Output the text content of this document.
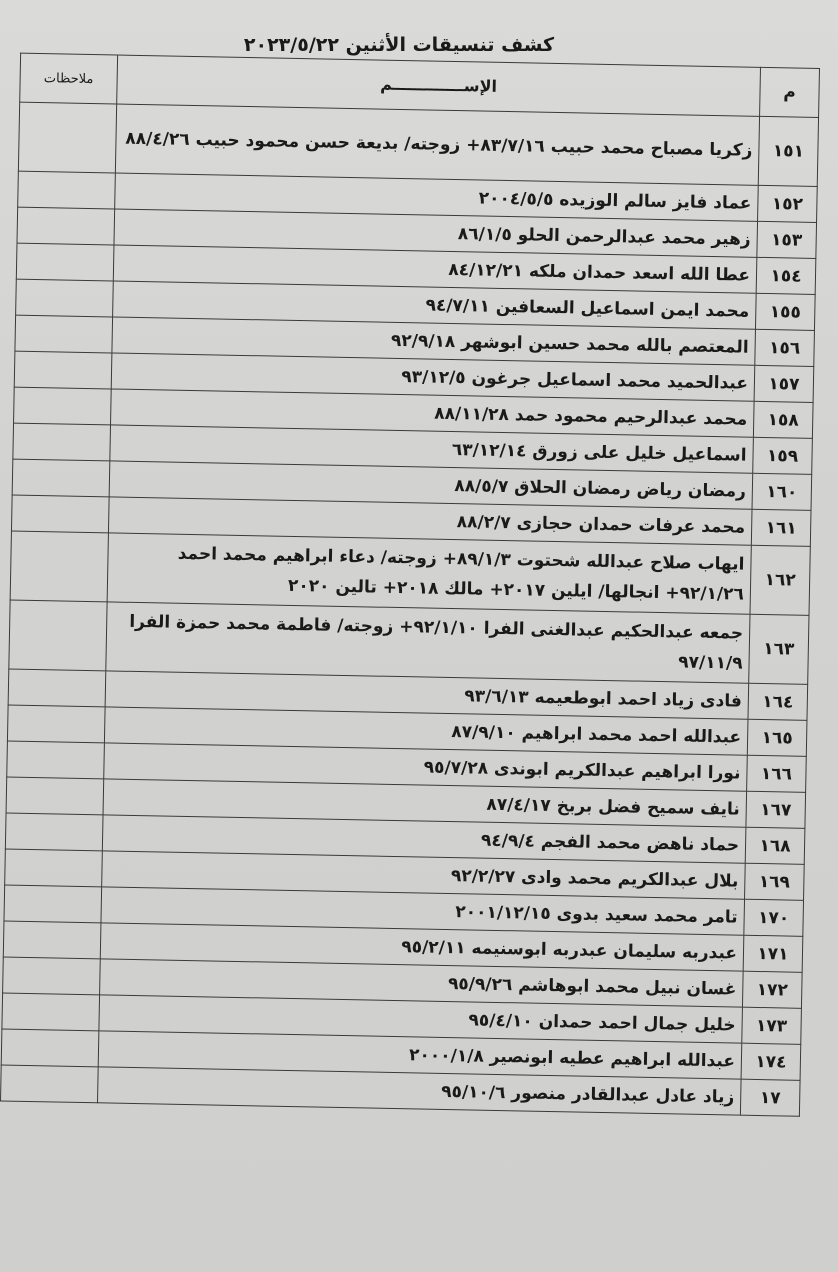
كشف تنسيقات الأثنين ٢٠٢٣/٥/٢٢
م	الإســـــــــــــم	ملاحظات
١٥١	زكريا مصباح محمد حبيب ٨٣/٧/١٦+ زوجته/ بديعة حسن محمود حبيب ٨٨/٤/٢٦	
١٥٢	عماد فايز سالم الوزيده ٢٠٠٤/٥/٥	
١٥٣	زهير محمد عبدالرحمن الحلو ٨٦/١/٥	
١٥٤	عطا الله اسعد حمدان ملكه ٨٤/١٢/٢١	
١٥٥	محمد ايمن اسماعيل السعافين ٩٤/٧/١١	
١٥٦	المعتصم بالله محمد حسين ابوشهر ٩٢/٩/١٨	
١٥٧	عبدالحميد محمد اسماعيل جرغون ٩٣/١٢/٥	
١٥٨	محمد عبدالرحيم محمود حمد ٨٨/١١/٢٨	
١٥٩	اسماعيل خليل على زورق ٦٣/١٢/١٤	
١٦٠	رمضان رياض رمضان الحلاق ٨٨/٥/٧	
١٦١	محمد عرفات حمدان حجازى ٨٨/٢/٧	
١٦٢	ايهاب صلاح عبدالله شحتوت ٨٩/١/٣+ زوجته/ دعاء ابراهيم محمد احمد ٩٢/١/٢٦+ انجالها/ ايلين ٢٠١٧+ مالك ٢٠١٨+ تالين ٢٠٢٠	
١٦٣	جمعه عبدالحكيم عبدالغنى الفرا ٩٢/١/١٠+ زوجته/ فاطمة محمد حمزة الفرا ٩٧/١١/٩	
١٦٤	فادى زياد احمد ابوطعيمه ٩٣/٦/١٣	
١٦٥	عبدالله احمد محمد ابراهيم ٨٧/٩/١٠	
١٦٦	نورا ابراهيم عبدالكريم ابوندى ٩٥/٧/٢٨	
١٦٧	نايف سميح فضل بربخ ٨٧/٤/١٧	
١٦٨	حماد ناهض محمد الفجم ٩٤/٩/٤	
١٦٩	بلال عبدالكريم محمد وادى ٩٢/٢/٢٧	
١٧٠	تامر محمد سعيد بدوى ٢٠٠١/١٢/١٥	
١٧١	عبدربه سليمان عبدربه ابوسنيمه ٩٥/٢/١١	
١٧٢	غسان نبيل محمد ابوهاشم ٩٥/٩/٢٦	
١٧٣	خليل جمال احمد حمدان ٩٥/٤/١٠	
١٧٤	عبدالله ابراهيم عطيه ابونصير ٢٠٠٠/١/٨	
١٧	زياد عادل عبدالقادر منصور ٩٥/١٠/٦	
